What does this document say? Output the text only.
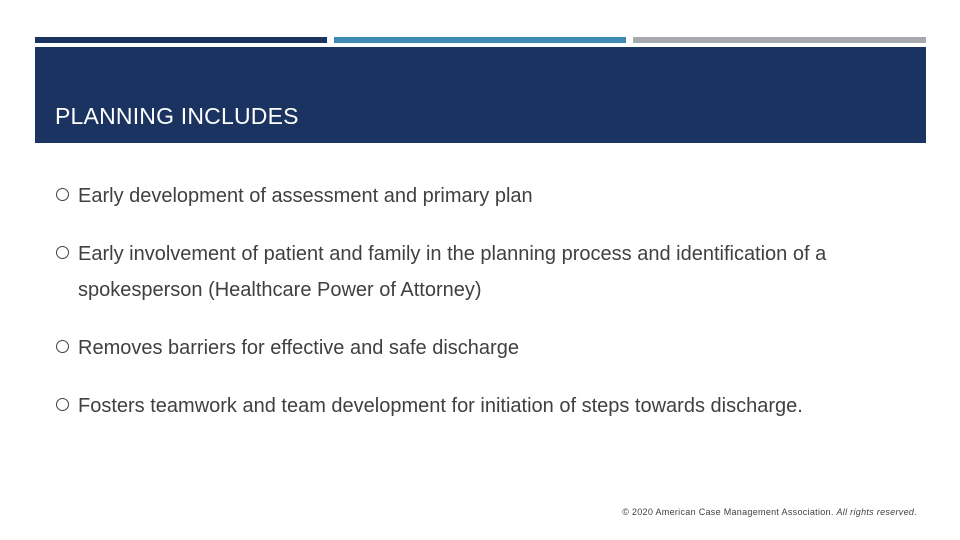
PLANNING INCLUDES
Early development of assessment and primary plan
Early involvement of patient and family in the planning process and identification of a spokesperson (Healthcare Power of Attorney)
Removes barriers for effective and safe discharge
Fosters teamwork and team development for initiation of steps towards discharge.
© 2020 American Case Management Association. All rights reserved.
